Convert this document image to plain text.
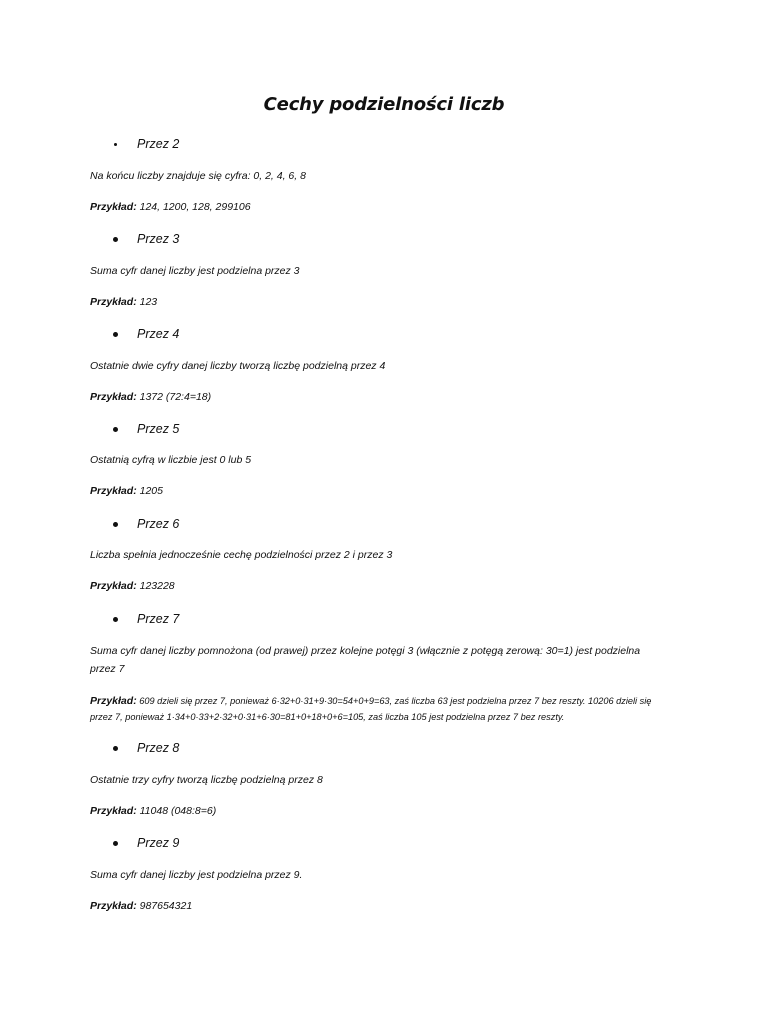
Cechy podzielności liczb
Przez 2
Na końcu liczby znajduje się cyfra: 0, 2, 4, 6, 8
Przykład: 124, 1200, 128, 299106
Przez 3
Suma cyfr danej liczby jest podzielna przez 3
Przykład: 123
Przez 4
Ostatnie dwie cyfry danej liczby tworzą liczbę podzielną przez 4
Przykład: 1372 (72:4=18)
Przez 5
Ostatnią cyfrą w liczbie jest 0 lub 5
Przykład: 1205
Przez 6
Liczba spełnia jednocześnie cechę podzielności przez 2 i przez 3
Przykład: 123228
Przez 7
Suma cyfr danej liczby pomnożona (od prawej) przez kolejne potęgi 3 (włącznie z potęgą zerową: 30=1) jest podzielna przez 7
Przykład: 609 dzieli się przez 7, ponieważ 6·32+0·31+9·30=54+0+9=63, zaś liczba 63 jest podzielna przez 7 bez reszty. 10206 dzieli się przez 7, ponieważ 1·34+0·33+2·32+0·31+6·30=81+0+18+0+6=105, zaś liczba 105 jest podzielna przez 7 bez reszty.
Przez 8
Ostatnie trzy cyfry tworzą liczbę podzielną przez 8
Przykład: 11048 (048:8=6)
Przez 9
Suma cyfr danej liczby jest podzielna przez 9.
Przykład: 987654321
